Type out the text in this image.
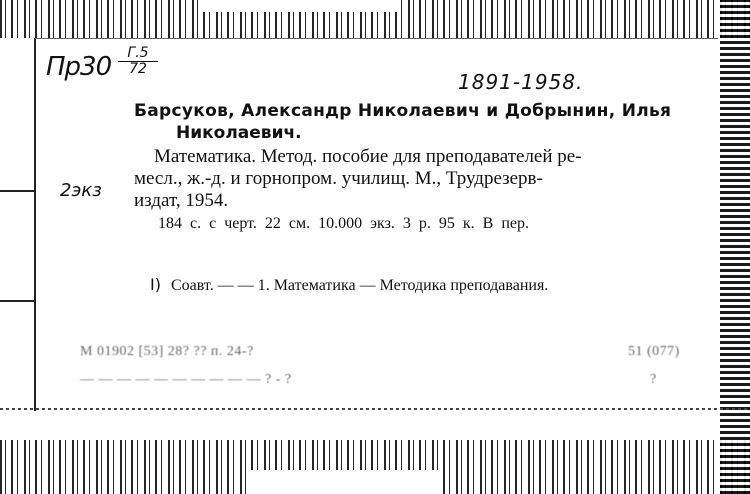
Пр30	Г.5
72
1891-1958.
2экз
Барсуков, Александр Николаевич и Добрынин, Илья
Николаевич.
Математика. Метод. пособие для преподавателей ре-
месл., ж.-д. и горнопром. училищ. М., Трудрезерв-
издат, 1954.
184 с. с черт. 22 см. 10.000 экз. 3 р. 95 к. В пер.
I) Соавт. — — 1. Математика — Методика преподавания.
М 01902 [53] 28? ?? п. 24-?	51 (077)
— — — — — — — — — — ? - ?	?
